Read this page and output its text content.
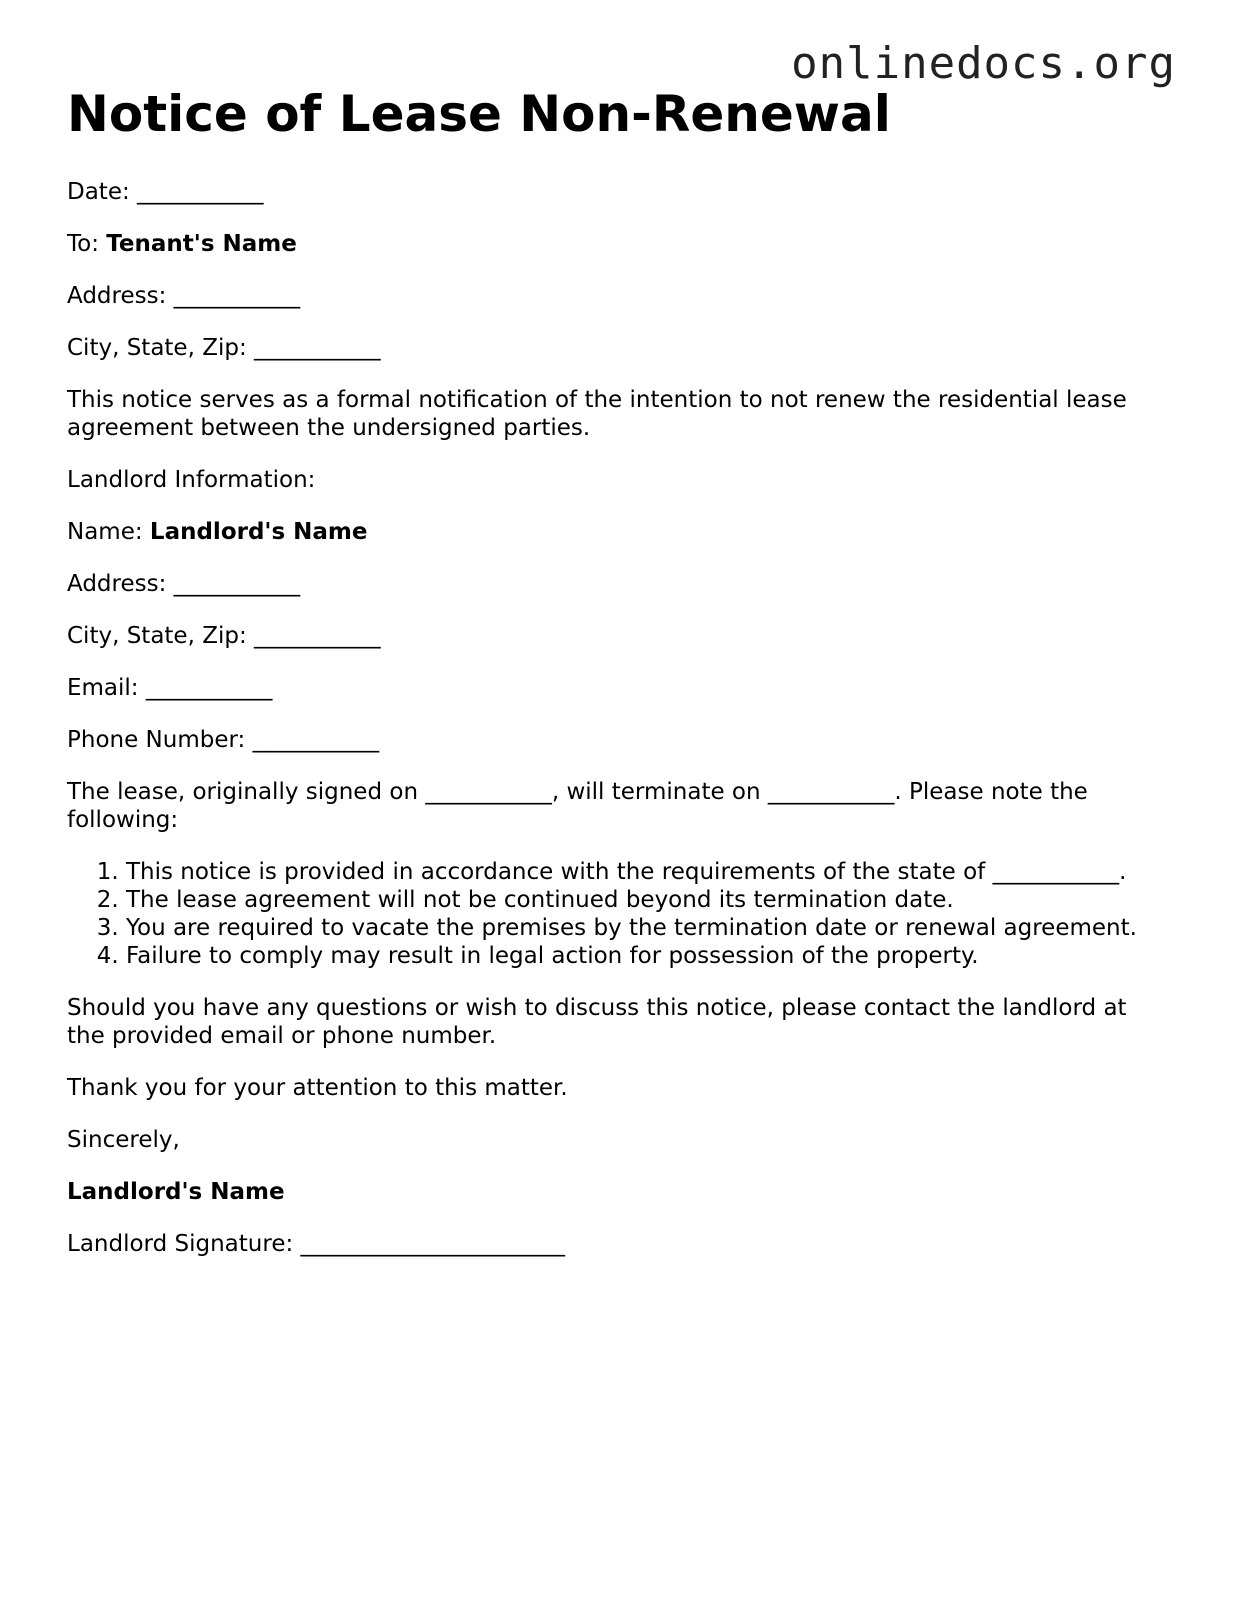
onlinedocs.org
Notice of Lease Non-Renewal

Date: ___________

To: Tenant's Name

Address: ___________

City, State, Zip: ___________

This notice serves as a formal notification of the intention to not renew the residential lease agreement between the undersigned parties.

Landlord Information:

Name: Landlord's Name

Address: ___________

City, State, Zip: ___________

Email: ___________

Phone Number: ___________

The lease, originally signed on ___________, will terminate on ___________. Please note the following:

1. This notice is provided in accordance with the requirements of the state of ___________.
2. The lease agreement will not be continued beyond its termination date.
3. You are required to vacate the premises by the termination date or renewal agreement.
4. Failure to comply may result in legal action for possession of the property.

Should you have any questions or wish to discuss this notice, please contact the landlord at the provided email or phone number.

Thank you for your attention to this matter.

Sincerely,

Landlord's Name

Landlord Signature: _______________________
